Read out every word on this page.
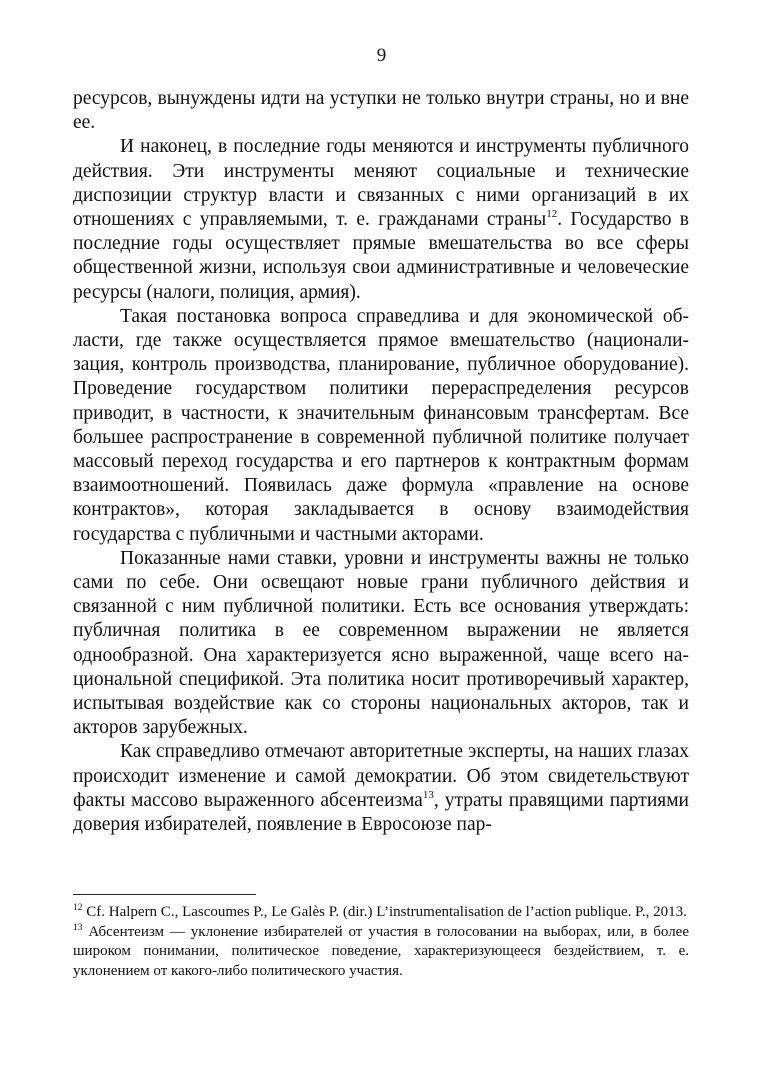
9

ресурсов, вынуждены идти на уступки не только внутри страны, но и вне ее.

И наконец, в последние годы меняются и инструменты публичного действия. Эти инструменты меняют социальные и технические диспозиции структур власти и связанных с ними организаций в их отношениях с управляемыми, т. е. гражданами страны$^{12}$. Государство в последние годы осуществляет прямые вмешательства во все сферы общественной жизни, используя свои административные и человеческие ресурсы (налоги, полиция, армия).

Такая постановка вопроса справедлива и для экономической области, где также осуществляется прямое вмешательство (национализация, контроль производства, планирование, публичное оборудование). Проведение государством политики перераспределения ресурсов приводит, в частности, к значительным финансовым трансфертам. Все большее распространение в современной публичной политике получает массовый переход государства и его партнеров к контрактным формам взаимоотношений. Появилась даже формула «правление на основе контрактов», которая закладывается в основу взаимодействия государства с публичными и частными акторами.

Показанные нами ставки, уровни и инструменты важны не только сами по себе. Они освещают новые грани публичного действия и связанной с ним публичной политики. Есть все основания утверждать: публичная политика в ее современном выражении не является однообразной. Она характеризуется ясно выраженной, чаще всего национальной спецификой. Эта политика носит противоречивый характер, испытывая воздействие как со стороны национальных акторов, так и акторов зарубежных.

Как справедливо отмечают авторитетные эксперты, на наших глазах происходит изменение и самой демократии. Об этом свидетельствуют факты массово выраженного абсентеизма$^{13}$, утраты правящими партиями доверия избирателей, появление в Евросоюзе пар-

$^{12}$ Cf. Halpern C., Lascoumes P., Le Galès P. (dir.) L’instrumentalisation de l’action publique. P., 2013.

$^{13}$ Абсентеизм — уклонение избирателей от участия в голосовании на выборах, или, в более широком понимании, политическое поведение, характеризующееся бездействием, т. е. уклонением от какого-либо политического участия.
